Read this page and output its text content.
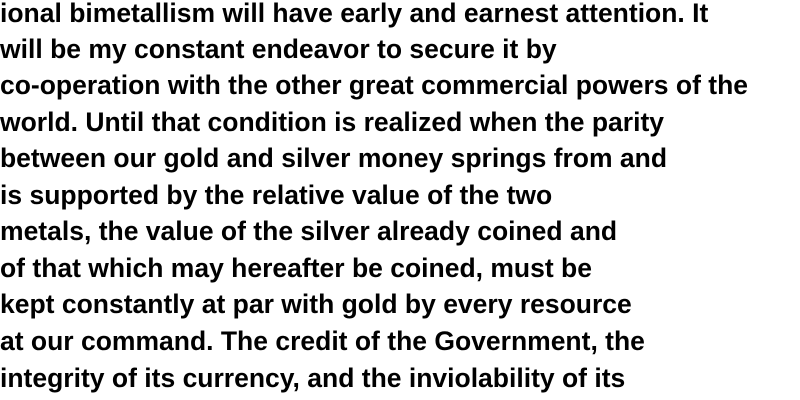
ional bimetallism will have early and earnest attention. It
will be my constant endeavor to secure it by
co-operation with the other great commercial powers of the
world. Until that condition is realized when the parity
between our gold and silver money springs from and
is supported by the relative value of the two
metals, the value of the silver already coined and
of that which may hereafter be coined, must be
kept constantly at par with gold by every resource
at our command. The credit of the Government, the
integrity of its currency, and the inviolability of its
